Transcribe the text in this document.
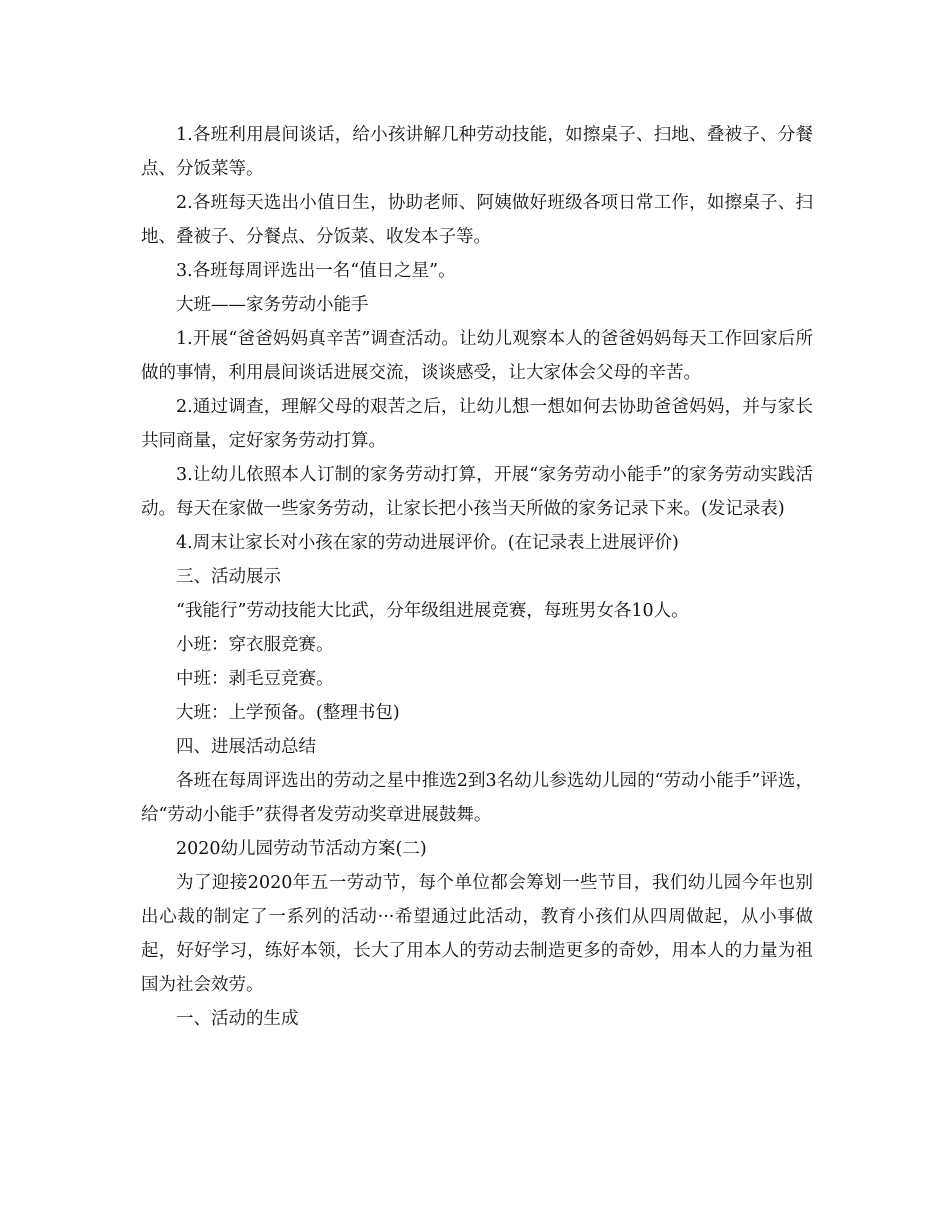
1.各班利用晨间谈话，给小孩讲解几种劳动技能，如擦桌子、扫地、叠被子、分餐点、分饭菜等。

2.各班每天选出小值日生，协助老师、阿姨做好班级各项日常工作，如擦桌子、扫地、叠被子、分餐点、分饭菜、收发本子等。

3.各班每周评选出一名“值日之星”。

大班——家务劳动小能手

1.开展“爸爸妈妈真辛苦”调查活动。让幼儿观察本人的爸爸妈妈每天工作回家后所做的事情，利用晨间谈话进展交流，谈谈感受，让大家体会父母的辛苦。

2.通过调查，理解父母的艰苦之后，让幼儿想一想如何去协助爸爸妈妈，并与家长共同商量，定好家务劳动打算。

3.让幼儿依照本人订制的家务劳动打算，开展“家务劳动小能手”的家务劳动实践活动。每天在家做一些家务劳动，让家长把小孩当天所做的家务记录下来。(发记录表)

4.周末让家长对小孩在家的劳动进展评价。(在记录表上进展评价)

三、活动展示

“我能行”劳动技能大比武，分年级组进展竞赛，每班男女各10人。

小班：穿衣服竞赛。

中班：剥毛豆竞赛。

大班：上学预备。(整理书包)

四、进展活动总结

各班在每周评选出的劳动之星中推选2到3名幼儿参选幼儿园的“劳动小能手”评选，给“劳动小能手”获得者发劳动奖章进展鼓舞。

2020幼儿园劳动节活动方案(二)

为了迎接2020年五一劳动节，每个单位都会筹划一些节目，我们幼儿园今年也别出心裁的制定了一系列的活动···希望通过此活动，教育小孩们从四周做起，从小事做起，好好学习，练好本领，长大了用本人的劳动去制造更多的奇妙，用本人的力量为祖国为社会效劳。

一、活动的生成
